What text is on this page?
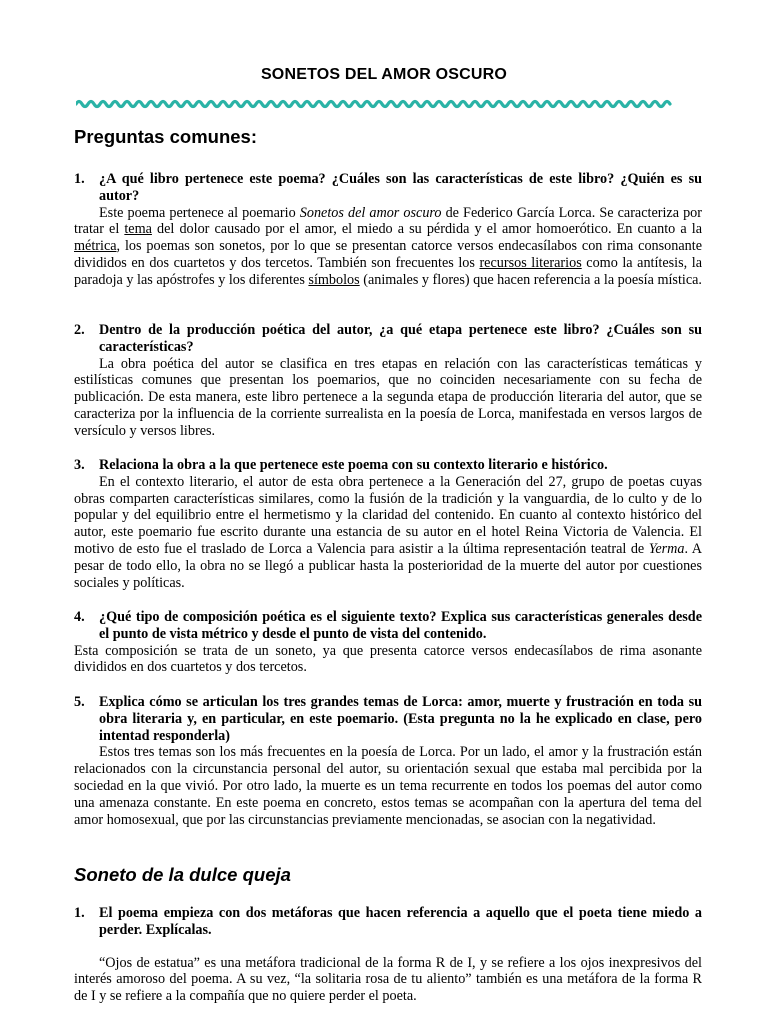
SONETOS DEL AMOR OSCURO
Preguntas comunes:
1.	¿A qué libro pertenece este poema? ¿Cuáles son las características de este libro? ¿Quién es su autor?

Este poema pertenece al poemario Sonetos del amor oscuro de Federico García Lorca. Se caracteriza por tratar el tema del dolor causado por el amor, el miedo a su pérdida y el amor homoerótico. En cuanto a la métrica, los poemas son sonetos, por lo que se presentan catorce versos endecasílabos con rima consonante divididos en dos cuartetos y dos tercetos. También son frecuentes los recursos literarios como la antítesis, la paradoja y las apóstrofes y los diferentes símbolos (animales y flores) que hacen referencia a la poesía mística.

2.	Dentro de la producción poética del autor, ¿a qué etapa pertenece este libro? ¿Cuáles son su características?

La obra poética del autor se clasifica en tres etapas en relación con las características temáticas y estilísticas comunes que presentan los poemarios, que no coinciden necesariamente con su fecha de publicación. De esta manera, este libro pertenece a la segunda etapa de producción literaria del autor, que se caracteriza por la influencia de la corriente surrealista en la poesía de Lorca, manifestada en versos largos de versículo y versos libres.

3.	Relaciona la obra a la que pertenece este poema con su contexto literario e histórico.

En el contexto literario, el autor de esta obra pertenece a la Generación del 27, grupo de poetas cuyas obras comparten características similares, como la fusión de la tradición y la vanguardia, de lo culto y de lo popular y del equilibrio entre el hermetismo y la claridad del contenido. En cuanto al contexto histórico del autor, este poemario fue escrito durante una estancia de su autor en el hotel Reina Victoria de Valencia. El motivo de esto fue el traslado de Lorca a Valencia para asistir a la última representación teatral de Yerma. A pesar de todo ello, la obra no se llegó a publicar hasta la posterioridad de la muerte del autor por cuestiones sociales y políticas.

4.	¿Qué tipo de composición poética es el siguiente texto? Explica sus características generales desde el punto de vista métrico y desde el punto de vista del contenido.

Esta composición se trata de un soneto, ya que presenta catorce versos endecasílabos de rima asonante divididos en dos cuartetos y dos tercetos.

5.	Explica cómo se articulan los tres grandes temas de Lorca: amor, muerte y frustración en toda su obra literaria y, en particular, en este poemario. (Esta pregunta no la he explicado en clase, pero intentad responderla)

Estos tres temas son los más frecuentes en la poesía de Lorca. Por un lado, el amor y la frustración están relacionados con la circunstancia personal del autor, su orientación sexual que estaba mal percibida por la sociedad en la que vivió. Por otro lado, la muerte es un tema recurrente en todos los poemas del autor como una amenaza constante. En este poema en concreto, estos temas se acompañan con la apertura del tema del amor homosexual, que por las circunstancias previamente mencionadas, se asocian con la negatividad.

Soneto de la dulce queja
1.	El poema empieza con dos metáforas que hacen referencia a aquello que el poeta tiene miedo a perder. Explícalas.

“Ojos de estatua” es una metáfora tradicional de la forma R de I, y se refiere a los ojos inexpresivos del interés amoroso del poema. A su vez, “la solitaria rosa de tu aliento” también es una metáfora de la forma R de I y se refiere a la compañía que no quiere perder el poeta.
